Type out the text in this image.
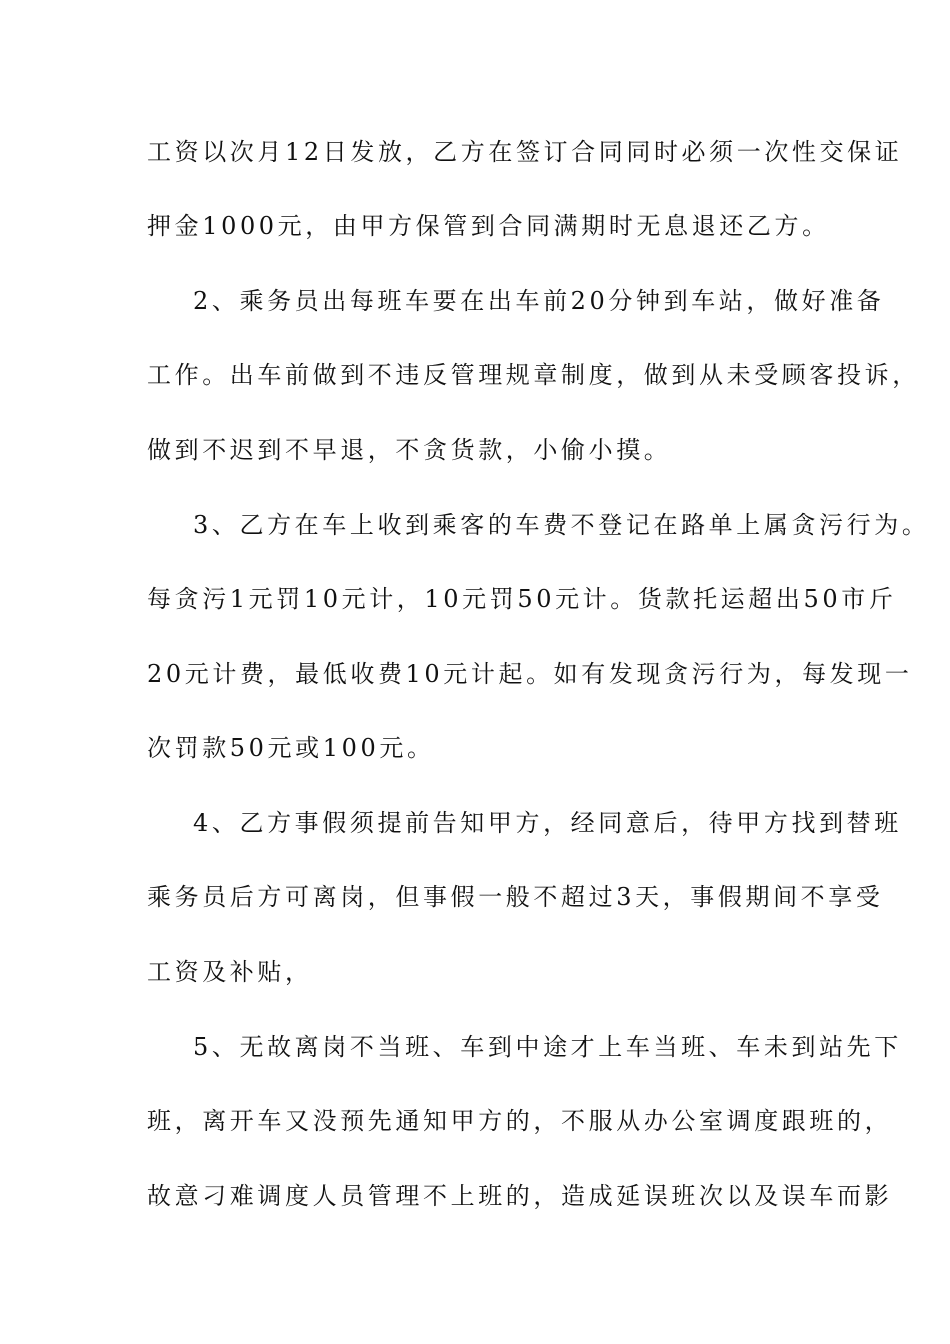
工资以次月12日发放，乙方在签订合同同时必须一次性交保证
押金1000元，由甲方保管到合同满期时无息退还乙方。
2、乘务员出每班车要在出车前20分钟到车站，做好准备
工作。出车前做到不违反管理规章制度，做到从未受顾客投诉，
做到不迟到不早退，不贪货款，小偷小摸。
3、乙方在车上收到乘客的车费不登记在路单上属贪污行为。
每贪污1元罚10元计，10元罚50元计。货款托运超出50市斤
20元计费，最低收费10元计起。如有发现贪污行为，每发现一
次罚款50元或100元。
4、乙方事假须提前告知甲方，经同意后，待甲方找到替班
乘务员后方可离岗，但事假一般不超过3天，事假期间不享受
工资及补贴，
5、无故离岗不当班、车到中途才上车当班、车未到站先下
班，离开车又没预先通知甲方的，不服从办公室调度跟班的，
故意刁难调度人员管理不上班的，造成延误班次以及误车而影
